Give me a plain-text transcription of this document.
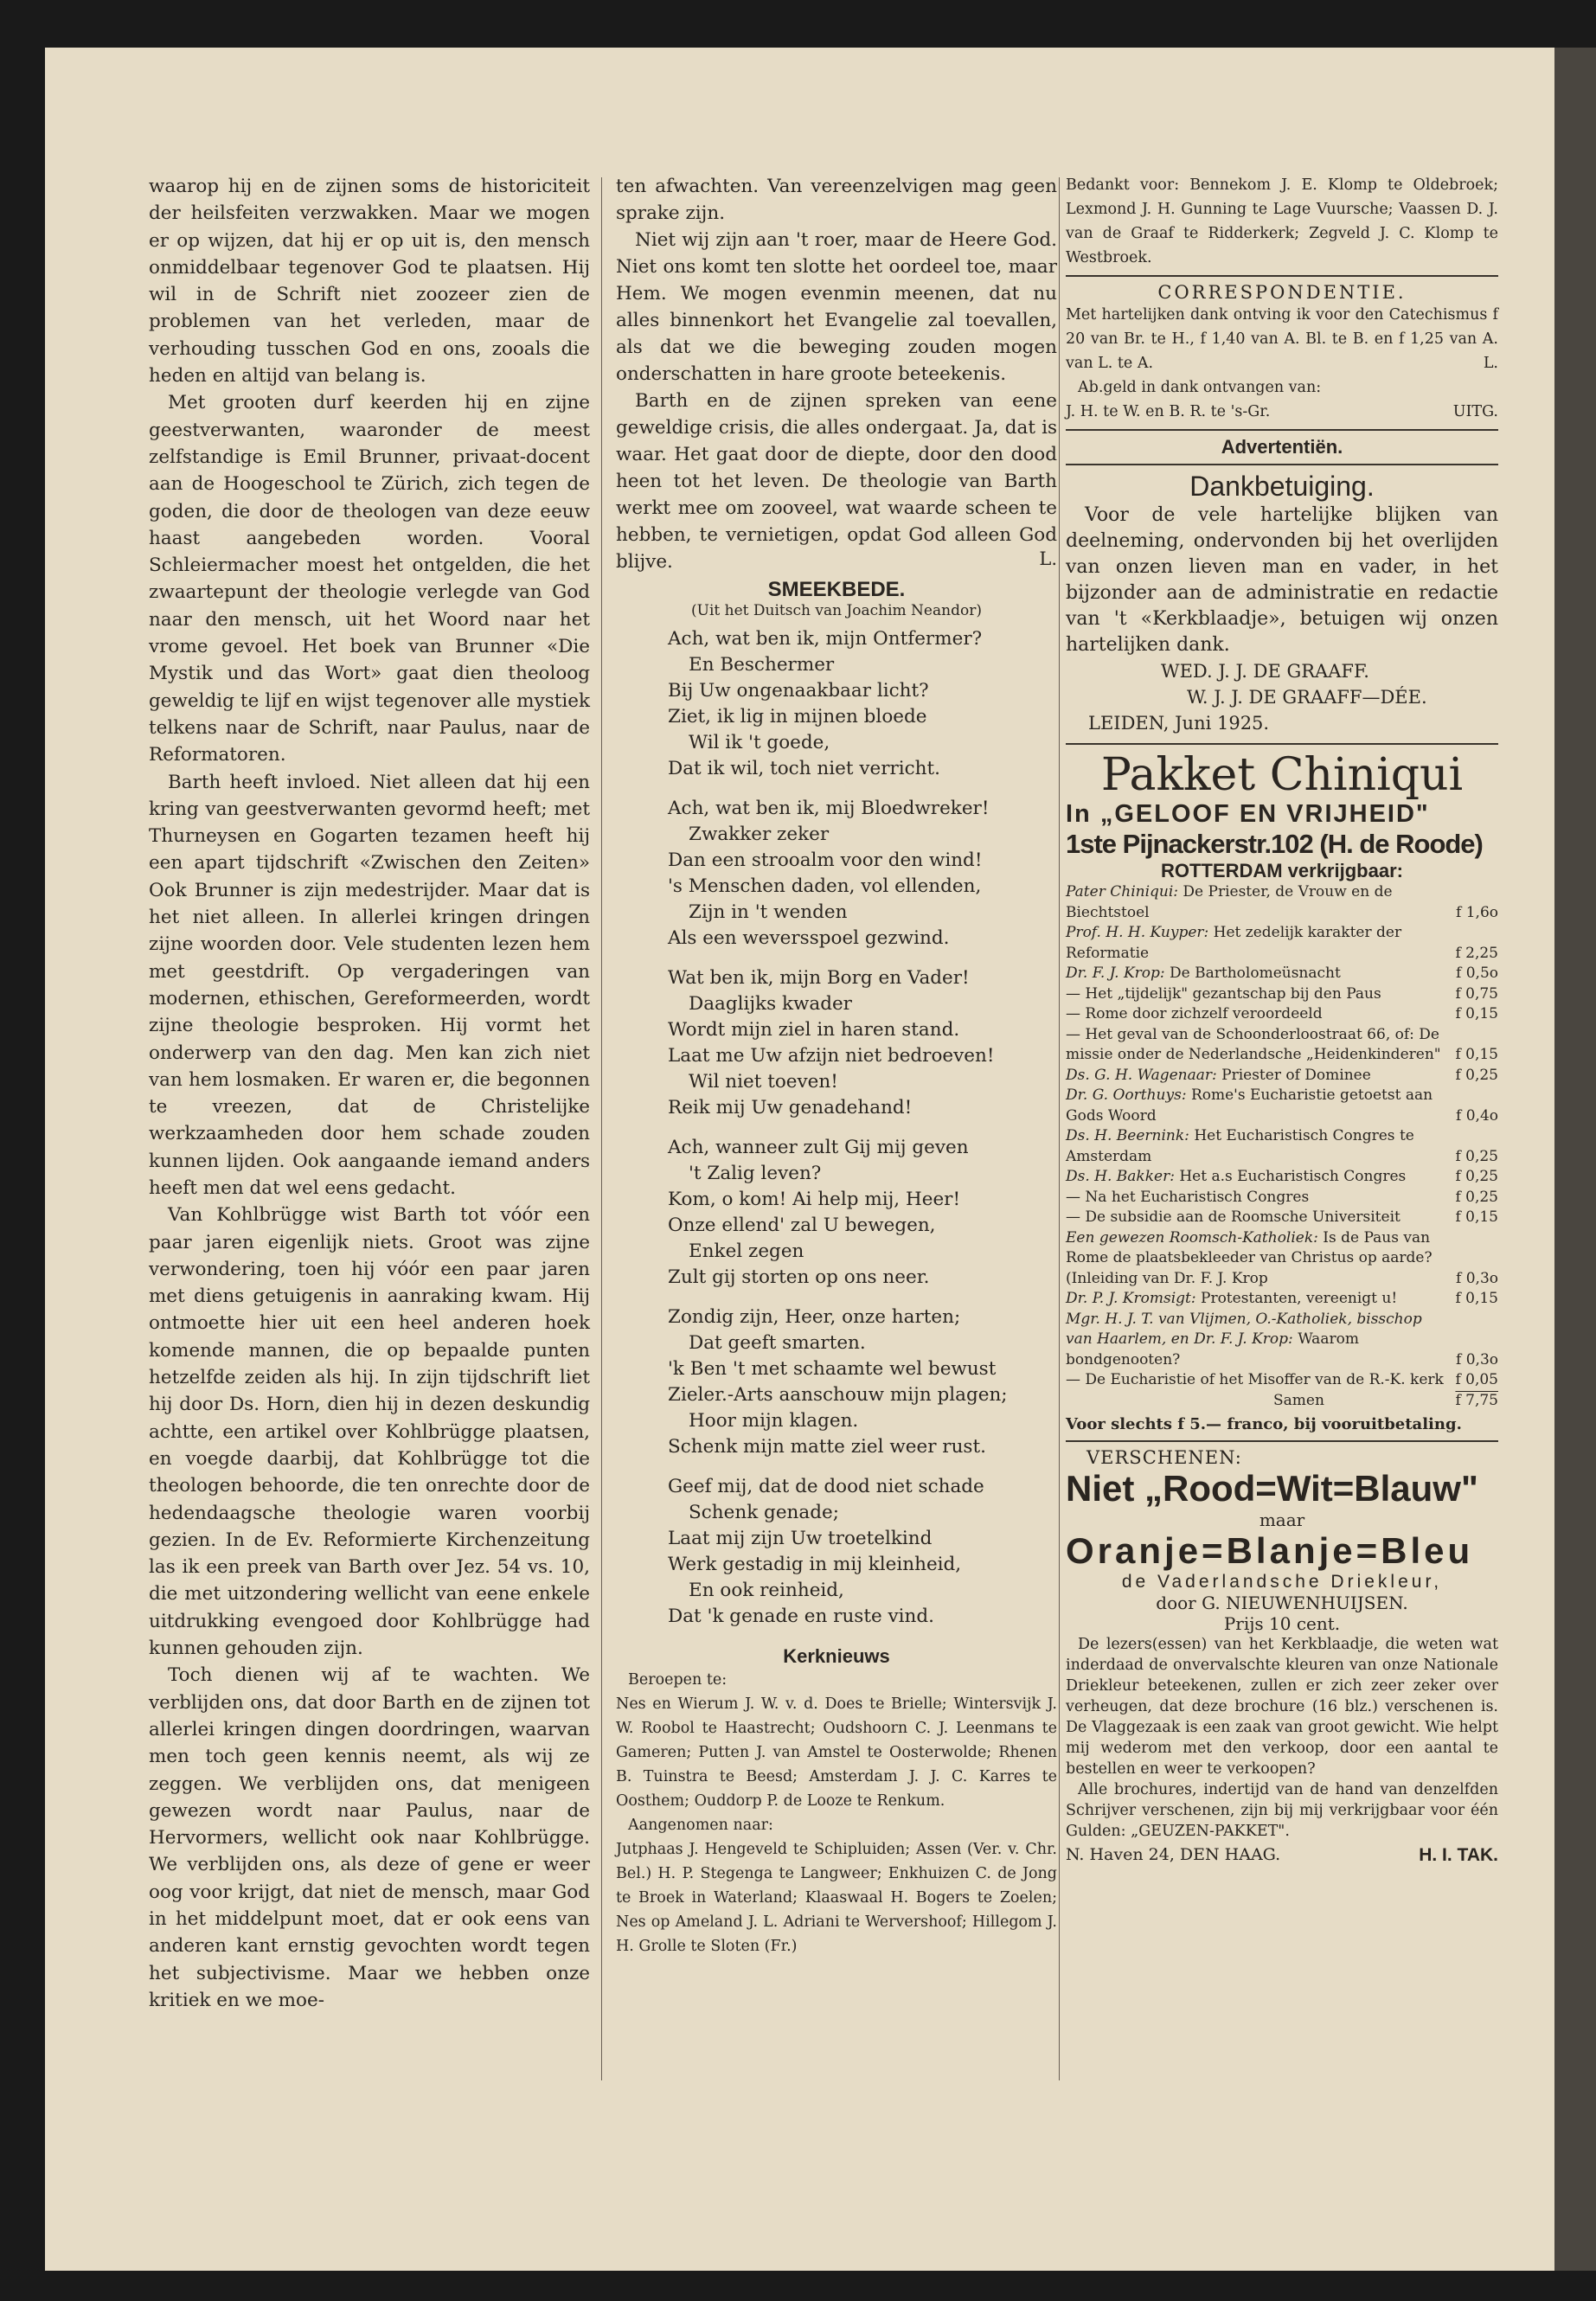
waarop hij en de zijnen soms de historiciteit der heilsfeiten verzwakken. Maar we mogen er op wijzen, dat hij er op uit is, den mensch onmiddelbaar tegenover God te plaatsen. Hij wil in de Schrift niet zoozeer zien de problemen van het verleden, maar de verhouding tusschen God en ons, zooals die heden en altijd van belang is.

Met grooten durf keerden hij en zijne geestverwanten, waaronder de meest zelfstandige is Emil Brunner, privaat-docent aan de Hoogeschool te Zürich, zich tegen de goden, die door de theologen van deze eeuw haast aangebeden worden. Vooral Schleiermacher moest het ontgelden, die het zwaartepunt der theologie verlegde van God naar den mensch, uit het Woord naar het vrome gevoel. Het boek van Brunner «Die Mystik und das Wort» gaat dien theoloog geweldig te lijf en wijst tegenover alle mystiek telkens naar de Schrift, naar Paulus, naar de Reformatoren.

Barth heeft invloed. Niet alleen dat hij een kring van geestverwanten gevormd heeft; met Thurneysen en Gogarten tezamen heeft hij een apart tijdschrift «Zwischen den Zeiten» Ook Brunner is zijn medestrijder. Maar dat is het niet alleen. In allerlei kringen dringen zijne woorden door. Vele studenten lezen hem met geestdrift. Op vergaderingen van modernen, ethischen, Gereformeerden, wordt zijne theologie besproken. Hij vormt het onderwerp van den dag. Men kan zich niet van hem losmaken. Er waren er, die begonnen te vreezen, dat de Christelijke werkzaamheden door hem schade zouden kunnen lijden. Ook aangaande iemand anders heeft men dat wel eens gedacht.

Van Kohlbrügge wist Barth tot vóór een paar jaren eigenlijk niets. Groot was zijne verwondering, toen hij vóór een paar jaren met diens getuigenis in aanraking kwam. Hij ontmoette hier uit een heel anderen hoek komende mannen, die op bepaalde punten hetzelfde zeiden als hij. In zijn tijdschrift liet hij door Ds. Horn, dien hij in dezen deskundig achtte, een artikel over Kohlbrügge plaatsen, en voegde daarbij, dat Kohlbrügge tot die theologen behoorde, die ten onrechte door de hedendaagsche theologie waren voorbij gezien. In de Ev. Reformierte Kirchenzeitung las ik een preek van Barth over Jez. 54 vs. 10, die met uitzondering wellicht van eene enkele uitdrukking evengoed door Kohlbrügge had kunnen gehouden zijn.

Toch dienen wij af te wachten. We verblijden ons, dat door Barth en de zijnen tot allerlei kringen dingen doordringen, waarvan men toch geen kennis neemt, als wij ze zeggen. We verblijden ons, dat menigeen gewezen wordt naar Paulus, naar de Hervormers, wellicht ook naar Kohlbrügge. We verblijden ons, als deze of gene er weer oog voor krijgt, dat niet de mensch, maar God in het middelpunt moet, dat er ook eens van anderen kant ernstig gevochten wordt tegen het subjectivisme. Maar we hebben onze kritiek en we moe-

ten afwachten. Van vereenzelvigen mag geen sprake zijn.

Niet wij zijn aan 't roer, maar de Heere God. Niet ons komt ten slotte het oordeel toe, maar Hem. We mogen evenmin meenen, dat nu alles binnenkort het Evangelie zal toevallen, als dat we die beweging zouden mogen onderschatten in hare groote beteekenis.

Barth en de zijnen spreken van eene geweldige crisis, die alles ondergaat. Ja, dat is waar. Het gaat door de diepte, door den dood heen tot het leven. De theologie van Barth werkt mee om zooveel, wat waarde scheen te hebben, te vernietigen, opdat God alleen God blijve.	L.
SMEEKBEDE.
(Uit het Duitsch van Joachim Neandor)
Ach, wat ben ik, mijn Ontfermer?
En Beschermer
Bij Uw ongenaakbaar licht?
Ziet, ik lig in mijnen bloede
Wil ik 't goede,
Dat ik wil, toch niet verricht.
Ach, wat ben ik, mij Bloedwreker!
Zwakker zeker
Dan een strooalm voor den wind!
's Menschen daden, vol ellenden,
Zijn in 't wenden
Als een weversspoel gezwind.
Wat ben ik, mijn Borg en Vader!
Daaglijks kwader
Wordt mijn ziel in haren stand.
Laat me Uw afzijn niet bedroeven!
Wil niet toeven!
Reik mij Uw genadehand!
Ach, wanneer zult Gij mij geven
't Zalig leven?
Kom, o kom! Ai help mij, Heer!
Onze ellend' zal U bewegen,
Enkel zegen
Zult gij storten op ons neer.
Zondig zijn, Heer, onze harten;
Dat geeft smarten.
'k Ben 't met schaamte wel bewust
Zieler.-Arts aanschouw mijn plagen;
Hoor mijn klagen.
Schenk mijn matte ziel weer rust.
Geef mij, dat de dood niet schade
Schenk genade;
Laat mij zijn Uw troetelkind
Werk gestadig in mij kleinheid,
En ook reinheid,
Dat 'k genade en ruste vind.
Kerknieuws
Beroepen te:
Nes en Wierum J. W. v. d. Does te Brielle; Wintersvijk J. W. Roobol te Haastrecht; Oudshoorn C. J. Leenmans te Gameren; Putten J. van Amstel te Oosterwolde; Rhenen B. Tuinstra te Beesd; Amsterdam J. J. C. Karres te Oosthem; Ouddorp P. de Looze te Renkum.
Aangenomen naar:
Jutphaas J. Hengeveld te Schipluiden; Assen (Ver. v. Chr. Bel.) H. P. Stegenga te Langweer; Enkhuizen C. de Jong te Broek in Waterland; Klaaswaal H. Bogers te Zoelen; Nes op Ameland J. L. Adriani te Wervershoof; Hillegom J. H. Grolle te Sloten (Fr.)
Bedankt voor: Bennekom J. E. Klomp te Oldebroek; Lexmond J. H. Gunning te Lage Vuursche; Vaassen D. J. van de Graaf te Ridderkerk; Zegveld J. C. Klomp te Westbroek.
CORRESPONDENTIE.
Met hartelijken dank ontving ik voor den Catechismus f 20 van Br. te H., f 1,40 van A. Bl. te B. en f 1,25 van A. van L. te A.	L.
Ab.geld in dank ontvangen van:
J. H. te W. en B. R. te 's-Gr.	UITG.
Advertentiën.
Dankbetuiging.

Voor de vele hartelijke blijken van deelneming, ondervonden bij het overlijden van onzen lieven man en vader, in het bijzonder aan de administratie en redactie van 't «Kerkblaadje», betuigen wij onzen hartelijken dank.

WED. J. J. DE GRAAFF.
W. J. J. DE GRAAFF—DÉE.
LEIDEN, Juni 1925.
Pakket Chiniqui
In „GELOOF EN VRIJHEID"
1ste Pijnackerstr.102 (H. de Roode)
ROTTERDAM verkrijgbaar:
Pater Chiniqui: De Priester, de Vrouw en de Biechtstoel	f 1,6o
Prof. H. H. Kuyper: Het zedelijk karakter der Reformatie	f 2,25
Dr. F. J. Krop: De Bartholomeüsnacht	f 0,5o
— Het „tijdelijk" gezantschap bij den Paus	f 0,75
— Rome door zichzelf veroordeeld	f 0,15
— Het geval van de Schoonderloostraat 66, of: De missie onder de Nederlandsche „Heidenkinderen" f 0,15
Ds. G. H. Wagenaar: Priester of Dominee	f 0,25
Dr. G. Oorthuys: Rome's Eucharistie getoetst aan Gods Woord	f 0,4o
Ds. H. Beernink: Het Eucharistisch Congres te Amsterdam	f 0,25
Ds. H. Bakker: Het a.s Eucharistisch Congres	f 0,25
— Na het Eucharistisch Congres	f 0,25
— De subsidie aan de Roomsche Universiteit	f 0,15
Een gewezen Roomsch-Katholiek: Is de Paus van Rome de plaatsbekleeder van Christus op aarde? (Inleiding van Dr. F. J. Krop	f 0,3o
Dr. P. J. Kromsigt: Protestanten, vereenigt u!	f 0,15
Mgr. H. J. T. van Vlijmen, O.-Katholiek, bisschop van Haarlem, en Dr. F. J. Krop: Waarom bondgenooten?	f 0,3o
— De Eucharistie of het Misoffer van de R.-K. kerk f 0,05
Samen	f 7,75
Voor slechts f 5.— franco, bij vooruitbetaling.
VERSCHENEN:
Niet „Rood=Wit=Blauw"
maar
Oranje=Blanje=Bleu
de Vaderlandsche Driekleur,
door G. NIEUWENHUIJSEN.
Prijs 10 cent.
De lezers(essen) van het Kerkblaadje, die weten wat inderdaad de onvervalschte kleuren van onze Nationale Driekleur beteekenen, zullen er zich zeer zeker over verheugen, dat deze brochure (16 blz.) verschenen is. De Vlaggezaak is een zaak van groot gewicht. Wie helpt mij wederom met den verkoop, door een aantal te bestellen en weer te verkoopen?
Alle brochures, indertijd van de hand van denzelfden Schrijver verschenen, zijn bij mij verkrijgbaar voor één Gulden: „GEUZEN-PAKKET".
N. Haven 24, DEN HAAG.	H. I. TAK.
